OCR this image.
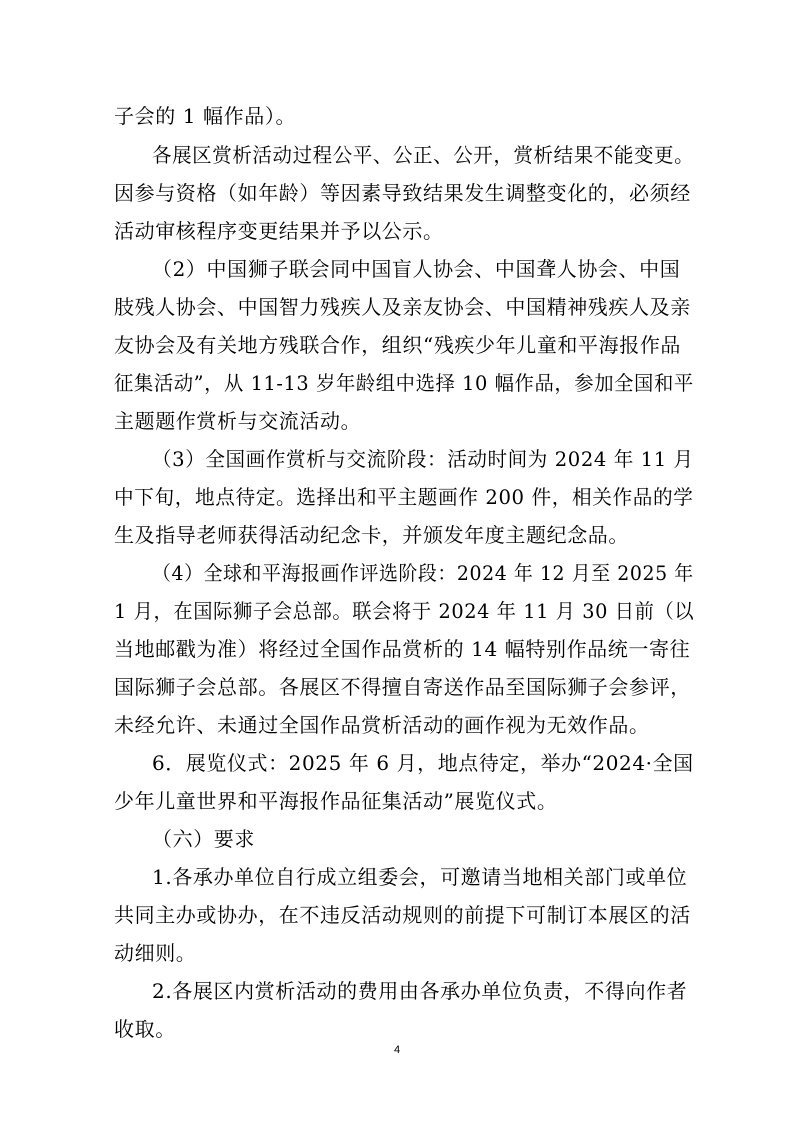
子会的 1 幅作品）。
各展区赏析活动过程公平、公正、公开，赏析结果不能变更。
因参与资格（如年龄）等因素导致结果发生调整变化的，必须经
活动审核程序变更结果并予以公示。
（2）中国狮子联会同中国盲人协会、中国聋人协会、中国
肢残人协会、中国智力残疾人及亲友协会、中国精神残疾人及亲
友协会及有关地方残联合作，组织“残疾少年儿童和平海报作品
征集活动”，从 11-13 岁年龄组中选择 10 幅作品，参加全国和平
主题题作赏析与交流活动。
（3）全国画作赏析与交流阶段：活动时间为 2024 年 11 月
中下旬，地点待定。选择出和平主题画作 200 件，相关作品的学
生及指导老师获得活动纪念卡，并颁发年度主题纪念品。
（4）全球和平海报画作评选阶段：2024 年 12 月至 2025 年
1 月，在国际狮子会总部。联会将于 2024 年 11 月 30 日前（以
当地邮戳为准）将经过全国作品赏析的 14 幅特别作品统一寄往
国际狮子会总部。各展区不得擅自寄送作品至国际狮子会参评，
未经允许、未通过全国作品赏析活动的画作视为无效作品。
6．展览仪式：2025 年 6 月，地点待定，举办“2024·全国
少年儿童世界和平海报作品征集活动”展览仪式。
（六）要求
1.各承办单位自行成立组委会，可邀请当地相关部门或单位
共同主办或协办，在不违反活动规则的前提下可制订本展区的活
动细则。
2.各展区内赏析活动的费用由各承办单位负责，不得向作者
收取。
4
